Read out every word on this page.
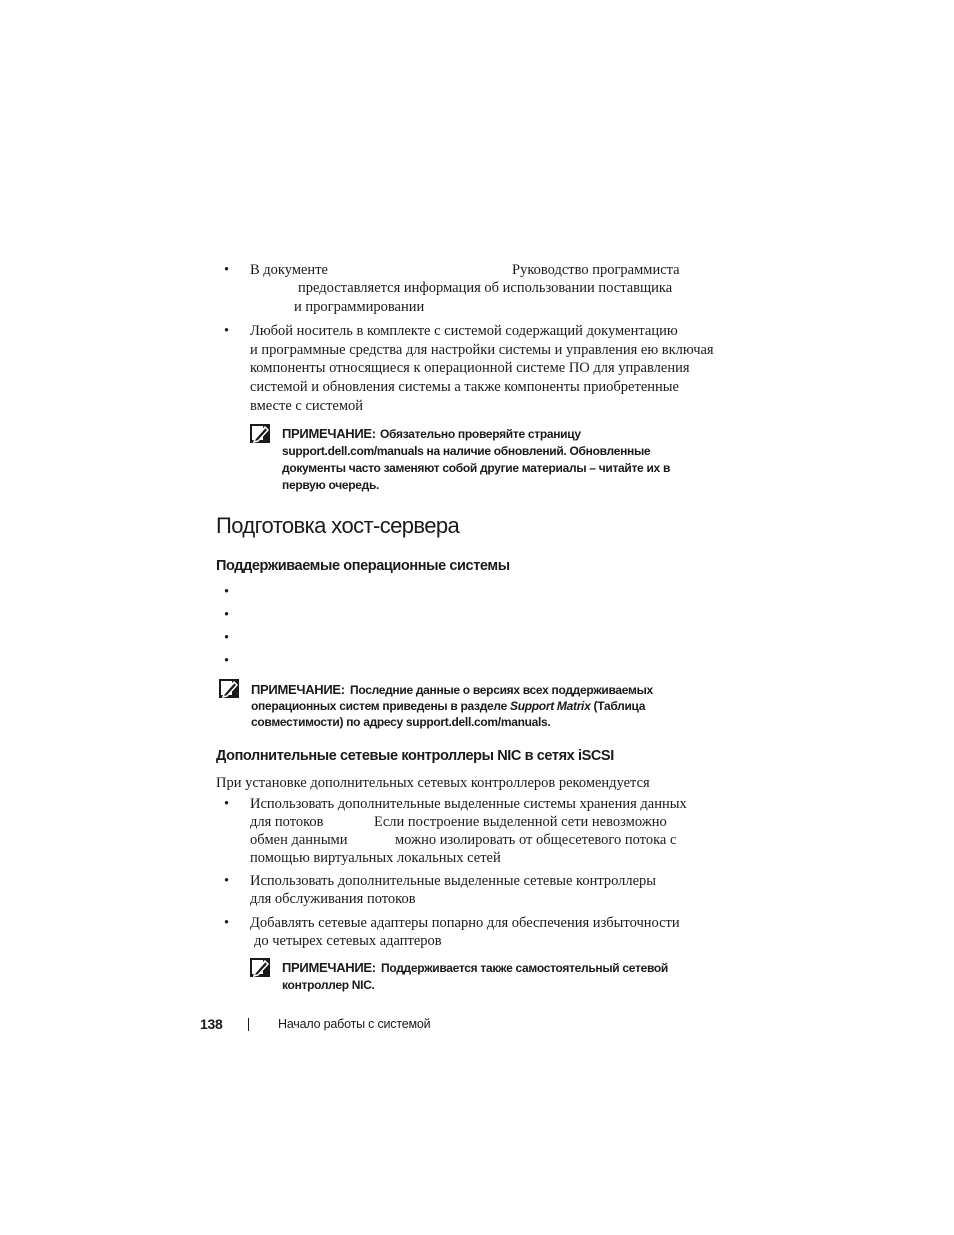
• В документе	Руководство программиста
предоставляется информация об использовании поставщика
и программировании
• Любой носитель в комплекте с системой содержащий документацию
и программные средства для настройки системы и управления ею включая
компоненты относящиеся к операционной системе ПО для управления
системой и обновления системы а также компоненты приобретенные
вместе с системой
ПРИМЕЧАНИЕ: Обязательно проверяйте страницу
support.dell.com/manuals на наличие обновлений. Обновленные
документы часто заменяют собой другие материалы – читайте их в
первую очередь.
Подготовка хост-сервера
Поддерживаемые операционные системы
•
•
•
•
ПРИМЕЧАНИЕ: Последние данные о версиях всех поддерживаемых
операционных систем приведены в разделе Support Matrix (Таблица
совместимости) по адресу support.dell.com/manuals.
Дополнительные сетевые контроллеры NIC в сетях iSCSI
При установке дополнительных сетевых контроллеров рекомендуется
• Использовать дополнительные выделенные системы хранения данных
для потоков	Если построение выделенной сети невозможно
обмен данными	можно изолировать от общесетевого потока с
помощью виртуальных локальных сетей
• Использовать дополнительные выделенные сетевые контроллеры
для обслуживания потоков
• Добавлять сетевые адаптеры попарно для обеспечения избыточности
до четырех сетевых адаптеров
ПРИМЕЧАНИЕ: Поддерживается также самостоятельный сетевой
контроллер NIC.
138	Начало работы с системой
